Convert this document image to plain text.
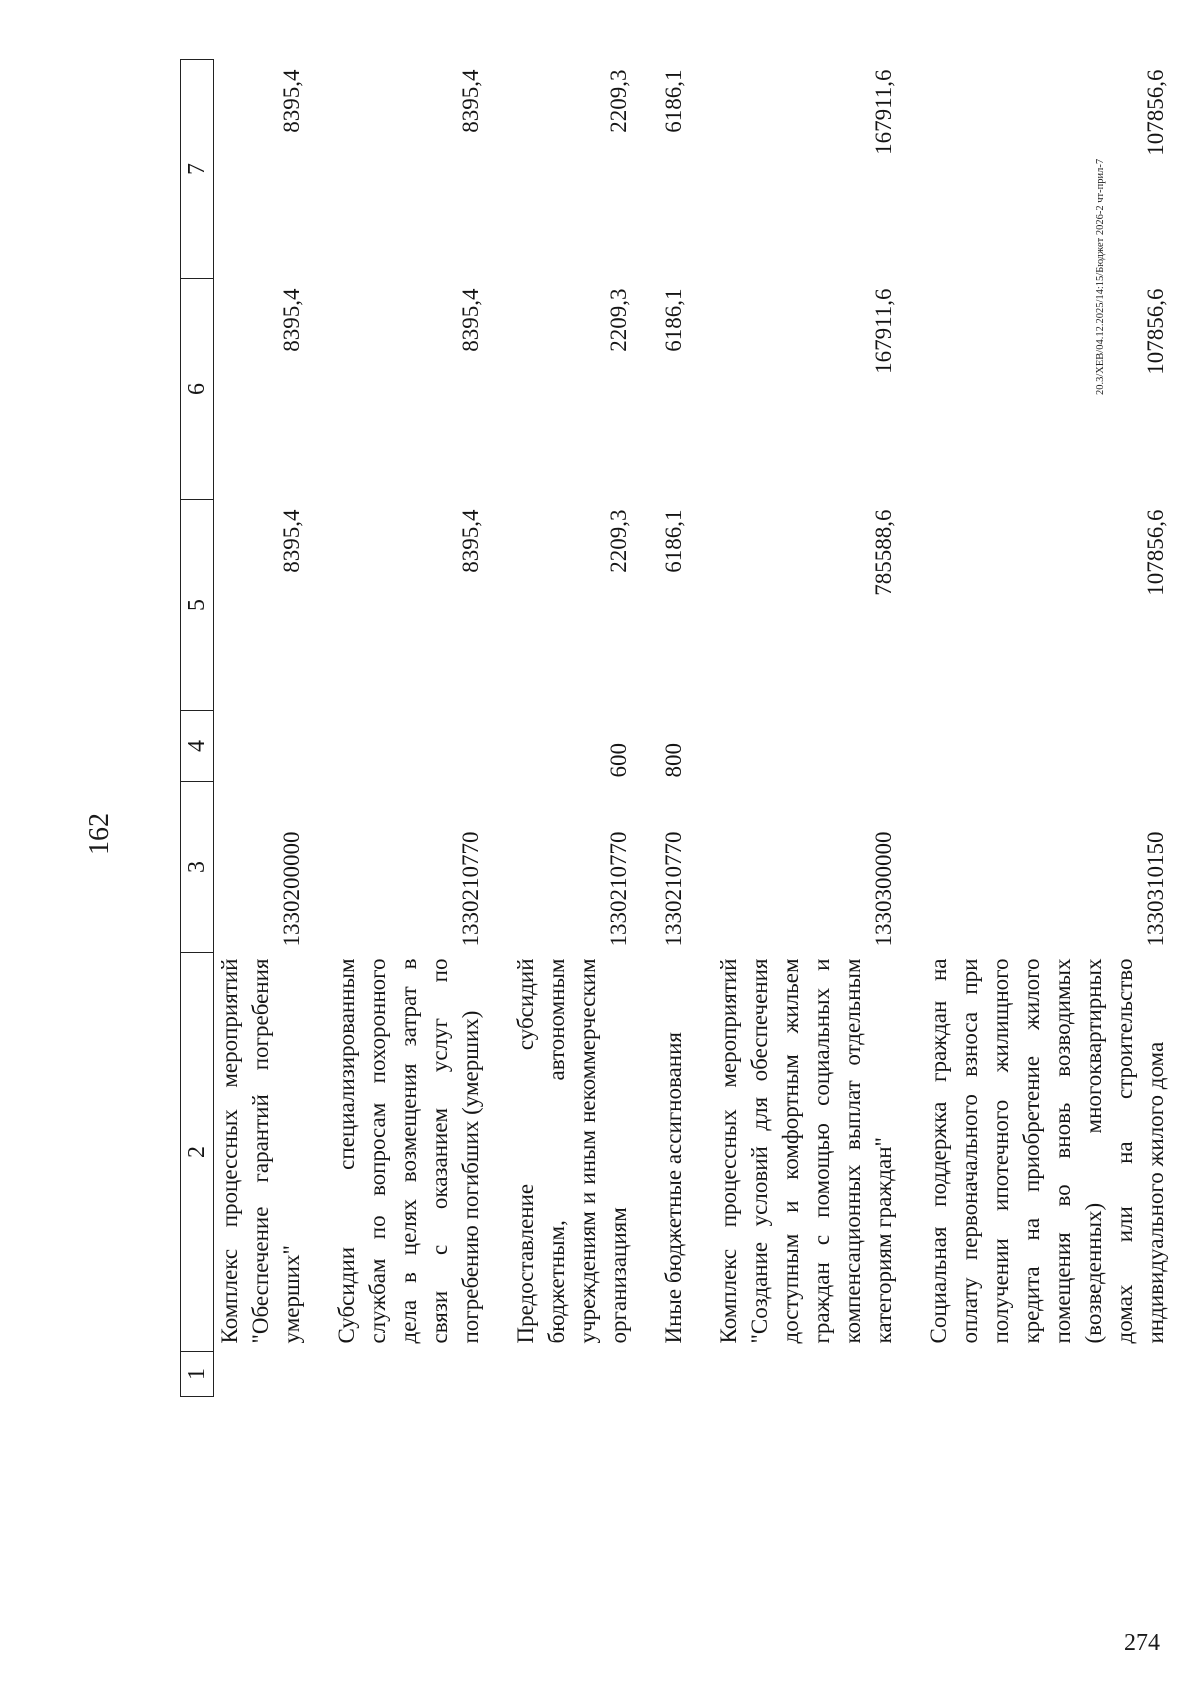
162
274
20.3/XEB/04.12.2025/14:15/Бюджет 2026-2 чт-прил-7
1	2	3	4	5	6	7
	Комплекс процессных мероприятий "Обеспечение гарантий погребения умерших"	1330200000		8395,4	8395,4	8395,4
	Субсидии специализированным службам по вопросам похоронного дела в целях возмещения затрат в связи с оказанием услуг по погребению погибших (умерших)	1330210770		8395,4	8395,4	8395,4
	Предоставление субсидий бюджетным, автономным учреждениям и иным некоммерческим организациям	1330210770	600	2209,3	2209,3	2209,3
	Иные бюджетные ассигнования	1330210770	800	6186,1	6186,1	6186,1
	Комплекс процессных мероприятий "Создание условий для обеспечения доступным и комфортным жильем граждан с помощью социальных и компенсационных выплат отдельным категориям граждан"	1330300000		785588,6	167911,6	167911,6
	Социальная поддержка граждан на оплату первоначального взноса при получении ипотечного жилищного кредита на приобретение жилого помещения во вновь возводимых (возведенных) многоквартирных домах или на строительство индивидуального жилого дома	1330310150		107856,6	107856,6	107856,6
